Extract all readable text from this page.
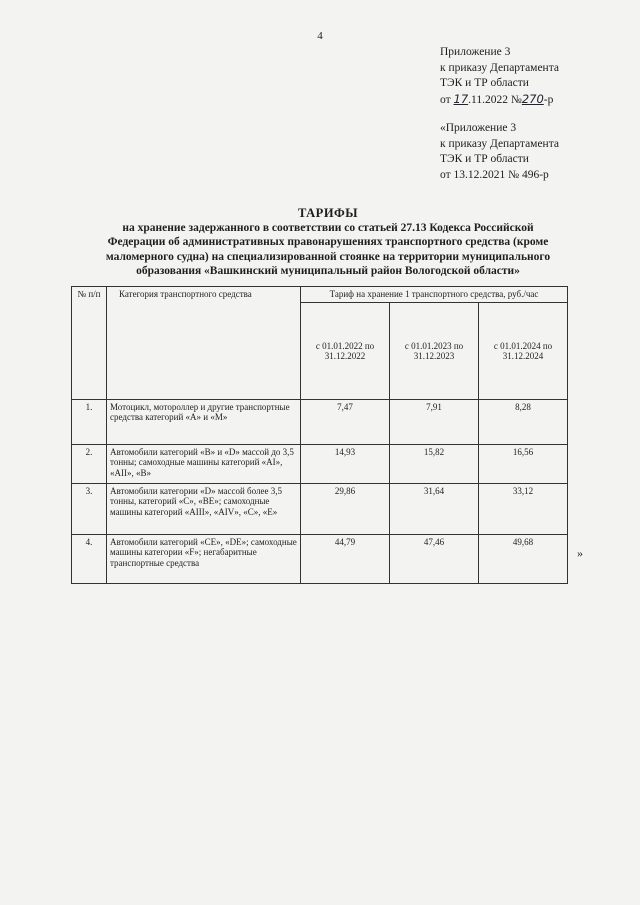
4
Приложение 3
к приказу Департамента
ТЭК и ТР области
от 17.11.2022 №270-р
«Приложение 3
к приказу Департамента
ТЭК и ТР области
от 13.12.2021 № 496-р
ТАРИФЫ
на хранение задержанного в соответствии со статьей 27.13 Кодекса Российской
Федерации об административных правонарушениях транспортного средства (кроме
маломерного судна) на специализированной стоянке на территории муниципального
образования «Вашкинский муниципальный район Вологодской области»
№ п/п	Категория транспортного средства	Тариф на хранение 1 транспортного средства, руб./час		
		с 01.01.2022 по 31.12.2022	с 01.01.2023 по 31.12.2023	с 01.01.2024 по 31.12.2024
1.	Мотоцикл, мотороллер и другие транспортные средства категорий «А» и «М»	7,47	7,91	8,28
2.	Автомобили категорий «В» и «D» массой до 3,5 тонны; самоходные машины категорий «АI», «АII», «В»	14,93	15,82	16,56
3.	Автомобили категории «D» массой более 3,5 тонны, категорий «С», «ВЕ»; самоходные машины категорий «АIII», «АIV», «С», «Е»	29,86	31,64	33,12
4.	Автомобили категорий «СЕ», «DЕ»; самоходные машины категории «F»; негабаритные транспортные средства	44,79	47,46	49,68
»
